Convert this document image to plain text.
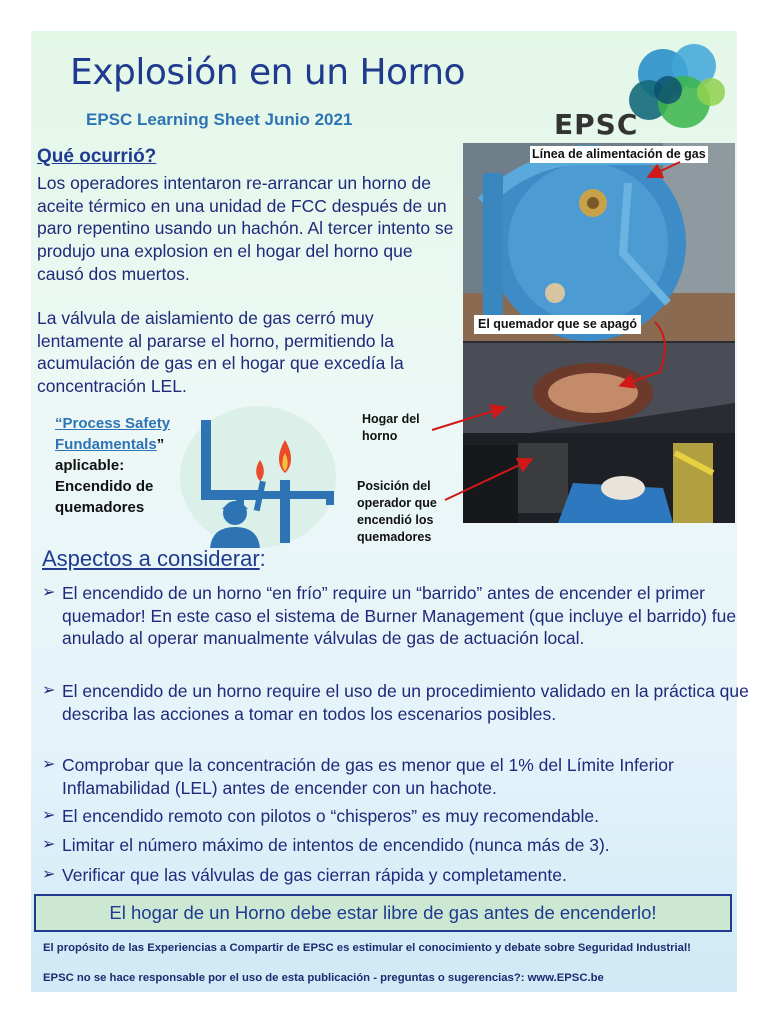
Explosión en un Horno
EPSC Learning Sheet Junio 2021	EPSC
Qué ocurrió?
Los operadores intentaron re-arrancar un horno de aceite térmico en una unidad de FCC después de un paro repentino usando un hachón. Al tercer intento se produjo una explosion en el hogar del horno que causó dos muertos.
La válvula de aislamiento de gas cerró muy lentamente al pararse el horno, permitiendo la acumulación de gas en el hogar que excedía la concentración LEL.
Línea de alimentación de gas
El quemador que se apagó
Hogar del horno
Posición del operador que encendió los quemadores
“Process Safety Fundamentals”
aplicable: Encendido de quemadores
Aspectos a considerar:
➢ El encendido de un horno “en frío” require un “barrido” antes de encender el primer quemador! En este caso el sistema de Burner Management (que incluye el barrido) fue anulado al operar manualmente válvulas de gas de actuación local.
➢ El encendido de un horno require el uso de un procedimiento validado en la práctica que describa las acciones a tomar en todos los escenarios posibles.
➢ Comprobar que la concentración de gas es menor que el 1% del Límite Inferior Inflamabilidad (LEL) antes de encender con un hachote.
➢ El encendido remoto con pilotos o “chisperos” es muy recomendable.
➢ Limitar el número máximo de intentos de encendido (nunca más de 3).
➢ Verificar que las válvulas de gas cierran rápida y completamente.
El hogar de un Horno debe estar libre de gas antes de encenderlo!
El propósito de las Experiencias a Compartir de EPSC es estimular el conocimiento y debate sobre Seguridad Industrial!
EPSC no se hace responsable por el uso de esta publicación - preguntas o sugerencias?: www.EPSC.be
